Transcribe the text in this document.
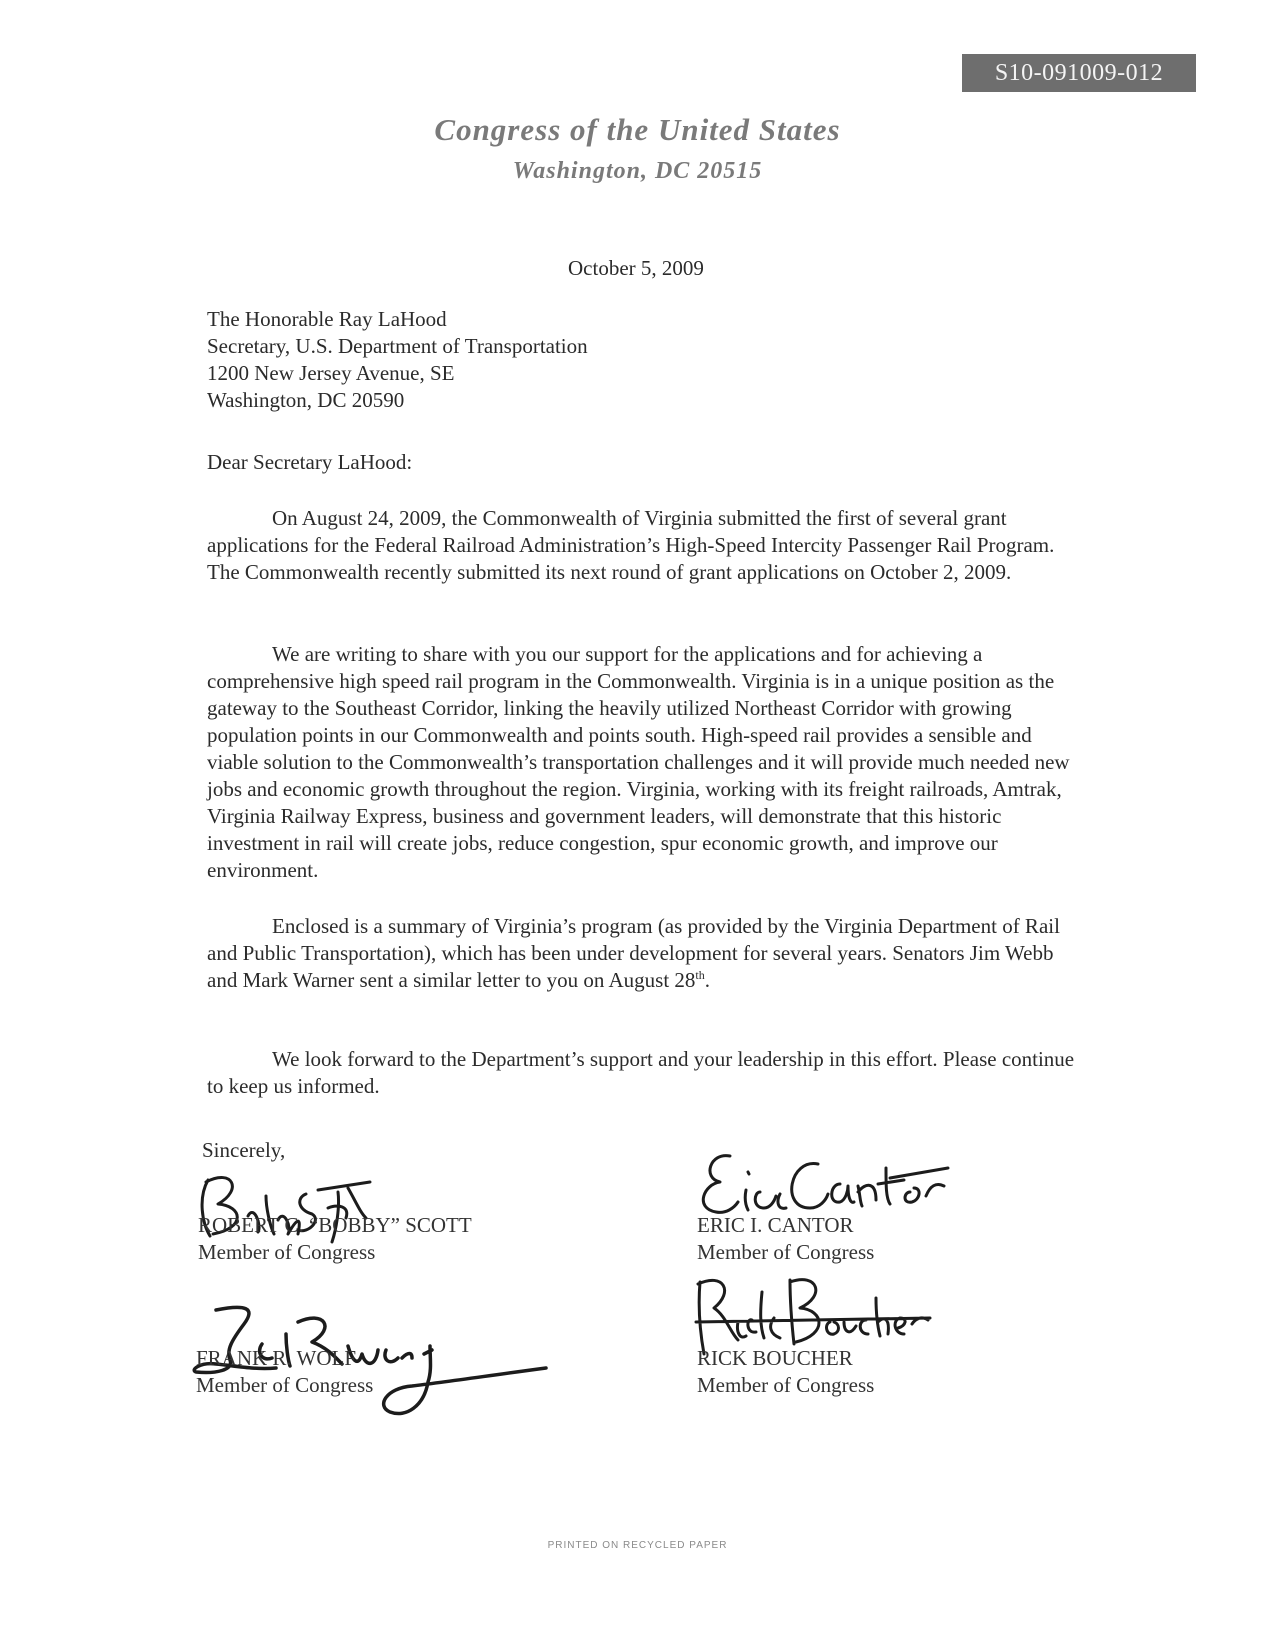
S10-091009-012
Congress of the United States
Washington, DC 20515
October 5, 2009
The Honorable Ray LaHood
Secretary, U.S. Department of Transportation
1200 New Jersey Avenue, SE
Washington, DC 20590
Dear Secretary LaHood:
On August 24, 2009, the Commonwealth of Virginia submitted the first of several grant applications for the Federal Railroad Administration’s High-Speed Intercity Passenger Rail Program. The Commonwealth recently submitted its next round of grant applications on October 2, 2009.
We are writing to share with you our support for the applications and for achieving a comprehensive high speed rail program in the Commonwealth. Virginia is in a unique position as the gateway to the Southeast Corridor, linking the heavily utilized Northeast Corridor with growing population points in our Commonwealth and points south. High-speed rail provides a sensible and viable solution to the Commonwealth’s transportation challenges and it will provide much needed new jobs and economic growth throughout the region. Virginia, working with its freight railroads, Amtrak, Virginia Railway Express, business and government leaders, will demonstrate that this historic investment in rail will create jobs, reduce congestion, spur economic growth, and improve our environment.
Enclosed is a summary of Virginia’s program (as provided by the Virginia Department of Rail and Public Transportation), which has been under development for several years. Senators Jim Webb and Mark Warner sent a similar letter to you on August 28th.
We look forward to the Department’s support and your leadership in this effort. Please continue to keep us informed.
Sincerely,
ROBERT C. “BOBBY” SCOTT
Member of Congress
ERIC I. CANTOR
Member of Congress
FRANK R. WOLF
Member of Congress
RICK BOUCHER
Member of Congress
PRINTED ON RECYCLED PAPER
